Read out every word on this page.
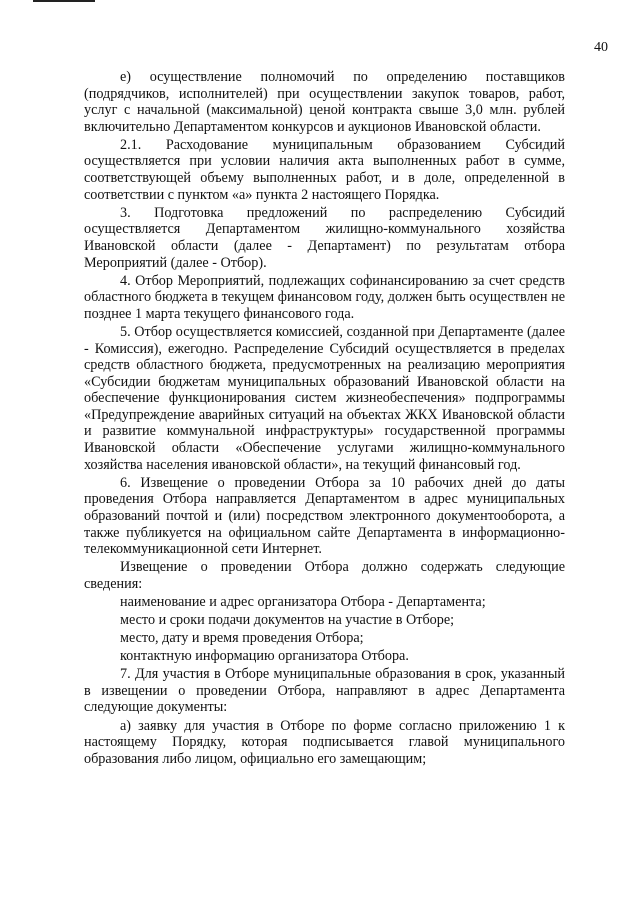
40

е) осуществление полномочий по определению поставщиков (подрядчиков, исполнителей) при осуществлении закупок товаров, работ, услуг с начальной (максимальной) ценой контракта свыше 3,0 млн. рублей включительно Департаментом конкурсов и аукционов Ивановской области.

2.1. Расходование муниципальным образованием Субсидий осуществляется при условии наличия акта выполненных работ в сумме, соответствующей объему выполненных работ, и в доле, определенной в соответствии с пунктом «а» пункта 2 настоящего Порядка.

3. Подготовка предложений по распределению Субсидий осуществляется Департаментом жилищно-коммунального хозяйства Ивановской области (далее - Департамент) по результатам отбора Мероприятий (далее - Отбор).

4. Отбор Мероприятий, подлежащих софинансированию за счет средств областного бюджета в текущем финансовом году, должен быть осуществлен не позднее 1 марта текущего финансового года.

5. Отбор осуществляется комиссией, созданной при Департаменте (далее - Комиссия), ежегодно. Распределение Субсидий осуществляется в пределах средств областного бюджета, предусмотренных на реализацию мероприятия «Субсидии бюджетам муниципальных образований Ивановской области на обеспечение функционирования систем жизнеобеспечения» подпрограммы «Предупреждение аварийных ситуаций на объектах ЖКХ Ивановской области и развитие коммунальной инфраструктуры» государственной программы Ивановской области «Обеспечение услугами жилищно-коммунального хозяйства населения ивановской области», на текущий финансовый год.

6. Извещение о проведении Отбора за 10 рабочих дней до даты проведения Отбора направляется Департаментом в адрес муниципальных образований почтой и (или) посредством электронного документооборота, а также публикуется на официальном сайте Департамента в информационно-телекоммуникационной сети Интернет.

Извещение о проведении Отбора должно содержать следующие сведения:

наименование и адрес организатора Отбора - Департамента;

место и сроки подачи документов на участие в Отборе;

место, дату и время проведения Отбора;

контактную информацию организатора Отбора.

7. Для участия в Отборе муниципальные образования в срок, указанный в извещении о проведении Отбора, направляют в адрес Департамента следующие документы:

а) заявку для участия в Отборе по форме согласно приложению 1 к настоящему Порядку, которая подписывается главой муниципального образования либо лицом, официально его замещающим;
